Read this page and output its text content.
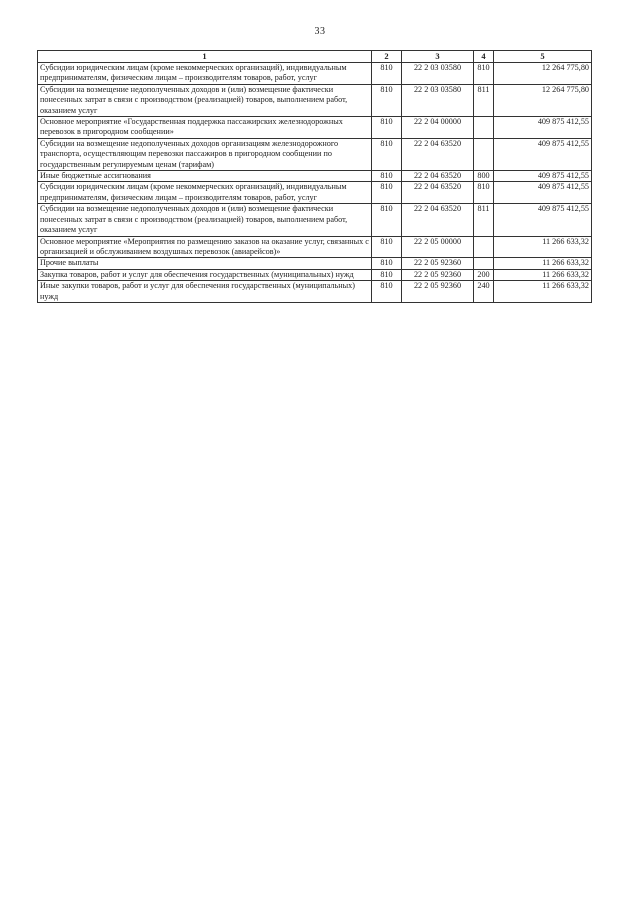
33
1	2	3	4	5
Субсидии юридическим лицам (кроме некоммерческих организаций), индивидуальным предпринимателям, физическим лицам – производителям товаров, работ, услуг	810	22 2 03 03580	810	12 264 775,80
Субсидии на возмещение недополученных доходов и (или) возмещение фактически понесенных затрат в связи с производством (реализацией) товаров, выполнением работ, оказанием услуг	810	22 2 03 03580	811	12 264 775,80
Основное мероприятие «Государственная поддержка пассажирских железнодорожных перевозок в пригородном сообщении»	810	22 2 04 00000		409 875 412,55
Субсидии на возмещение недополученных доходов организациям железнодорожного транспорта, осуществляющим перевозки пассажиров в пригородном сообщении по государственным регулируемым ценам (тарифам)	810	22 2 04 63520		409 875 412,55
Иные бюджетные ассигнования	810	22 2 04 63520	800	409 875 412,55
Субсидии юридическим лицам (кроме некоммерческих организаций), индивидуальным предпринимателям, физическим лицам – производителям товаров, работ, услуг	810	22 2 04 63520	810	409 875 412,55
Субсидии на возмещение недополученных доходов и (или) возмещение фактически понесенных затрат в связи с производством (реализацией) товаров, выполнением работ, оказанием услуг	810	22 2 04 63520	811	409 875 412,55
Основное мероприятие «Мероприятия по размещению заказов на оказание услуг, связанных с организацией и обслуживанием воздушных перевозок (авиарейсов)»	810	22 2 05 00000		11 266 633,32
Прочие выплаты	810	22 2 05 92360		11 266 633,32
Закупка товаров, работ и услуг для обеспечения государственных (муниципальных) нужд	810	22 2 05 92360	200	11 266 633,32
Иные закупки товаров, работ и услуг для обеспечения государственных (муниципальных) нужд	810	22 2 05 92360	240	11 266 633,32
